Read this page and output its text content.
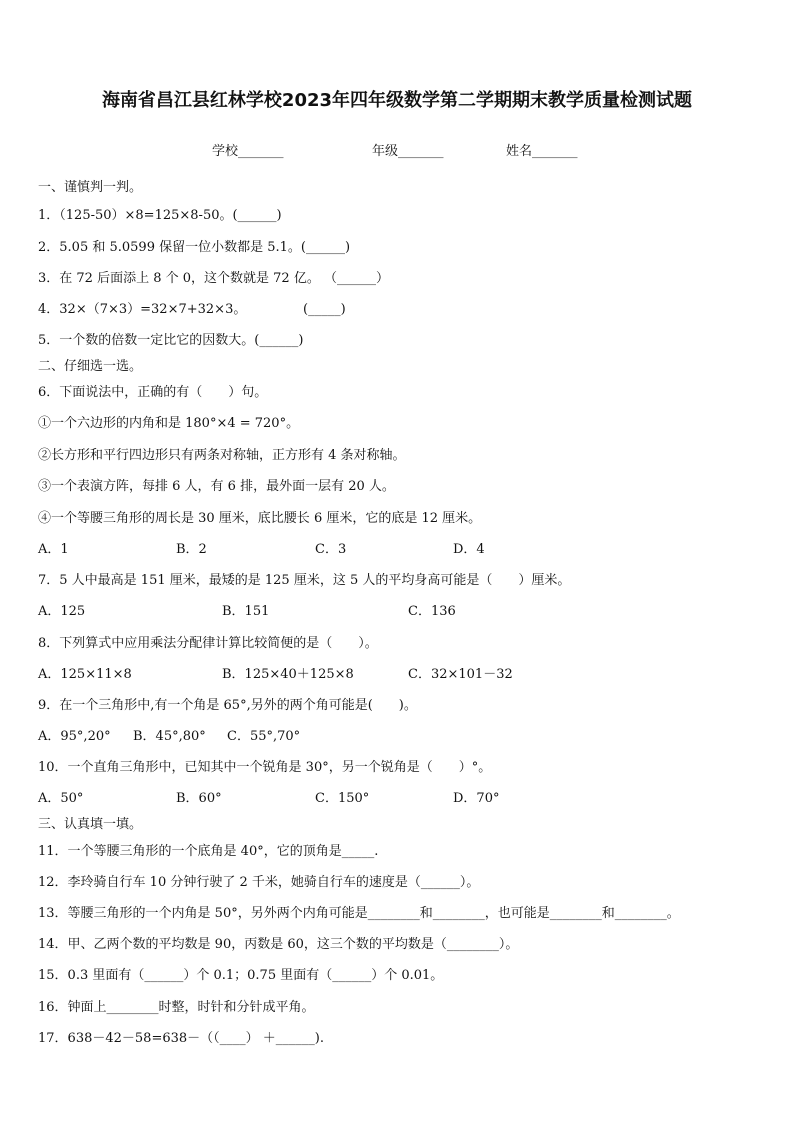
海南省昌江县红林学校2023年四年级数学第二学期期末教学质量检测试题
学校_______	年级_______	姓名_______
一、谨慎判一判。
1．（125-50）×8=125×8-50。(______)
2．5.05 和 5.0599 保留一位小数都是 5.1。(______)
3．在 72 后面添上 8 个 0，这个数就是 72 亿。 （______）
4．32×（7×3）=32×7+32×3。	(_____)
5．一个数的倍数一定比它的因数大。(______)
二、仔细选一选。
6．下面说法中，正确的有（　　）句。
①一个六边形的内角和是 180°×4 = 720°。
②长方形和平行四边形只有两条对称轴，正方形有 4 条对称轴。
③一个表演方阵，每排 6 人，有 6 排，最外面一层有 20 人。
④一个等腰三角形的周长是 30 厘米，底比腰长 6 厘米，它的底是 12 厘米。
A．1	B．2	C．3	D．4
7．5 人中最高是 151 厘米，最矮的是 125 厘米，这 5 人的平均身高可能是（　　）厘米。
A．125	B．151	C．136
8．下列算式中应用乘法分配律计算比较简便的是（　　）。
A．125×11×8	B．125×40＋125×8	C．32×101－32
9．在一个三角形中,有一个角是 65°,另外的两个角可能是(　　)。
A．95°,20° B．45°,80° C．55°,70°
10．一个直角三角形中，已知其中一个锐角是 30°，另一个锐角是（　　）°。
A．50°	B．60°	C．150°	D．70°
三、认真填一填。
11．一个等腰三角形的一个底角是 40°，它的顶角是_____.
12．李玲骑自行车 10 分钟行驶了 2 千米，她骑自行车的速度是（______）。
13．等腰三角形的一个内角是 50°，另外两个内角可能是________和________，也可能是________和________。
14．甲、乙两个数的平均数是 90，丙数是 60，这三个数的平均数是（________）。
15．0.3 里面有（______）个 0.1；0.75 里面有（______）个 0.01。
16．钟面上________时整，时针和分针成平角。
17．638－42－58=638－（（____） ＋______).
